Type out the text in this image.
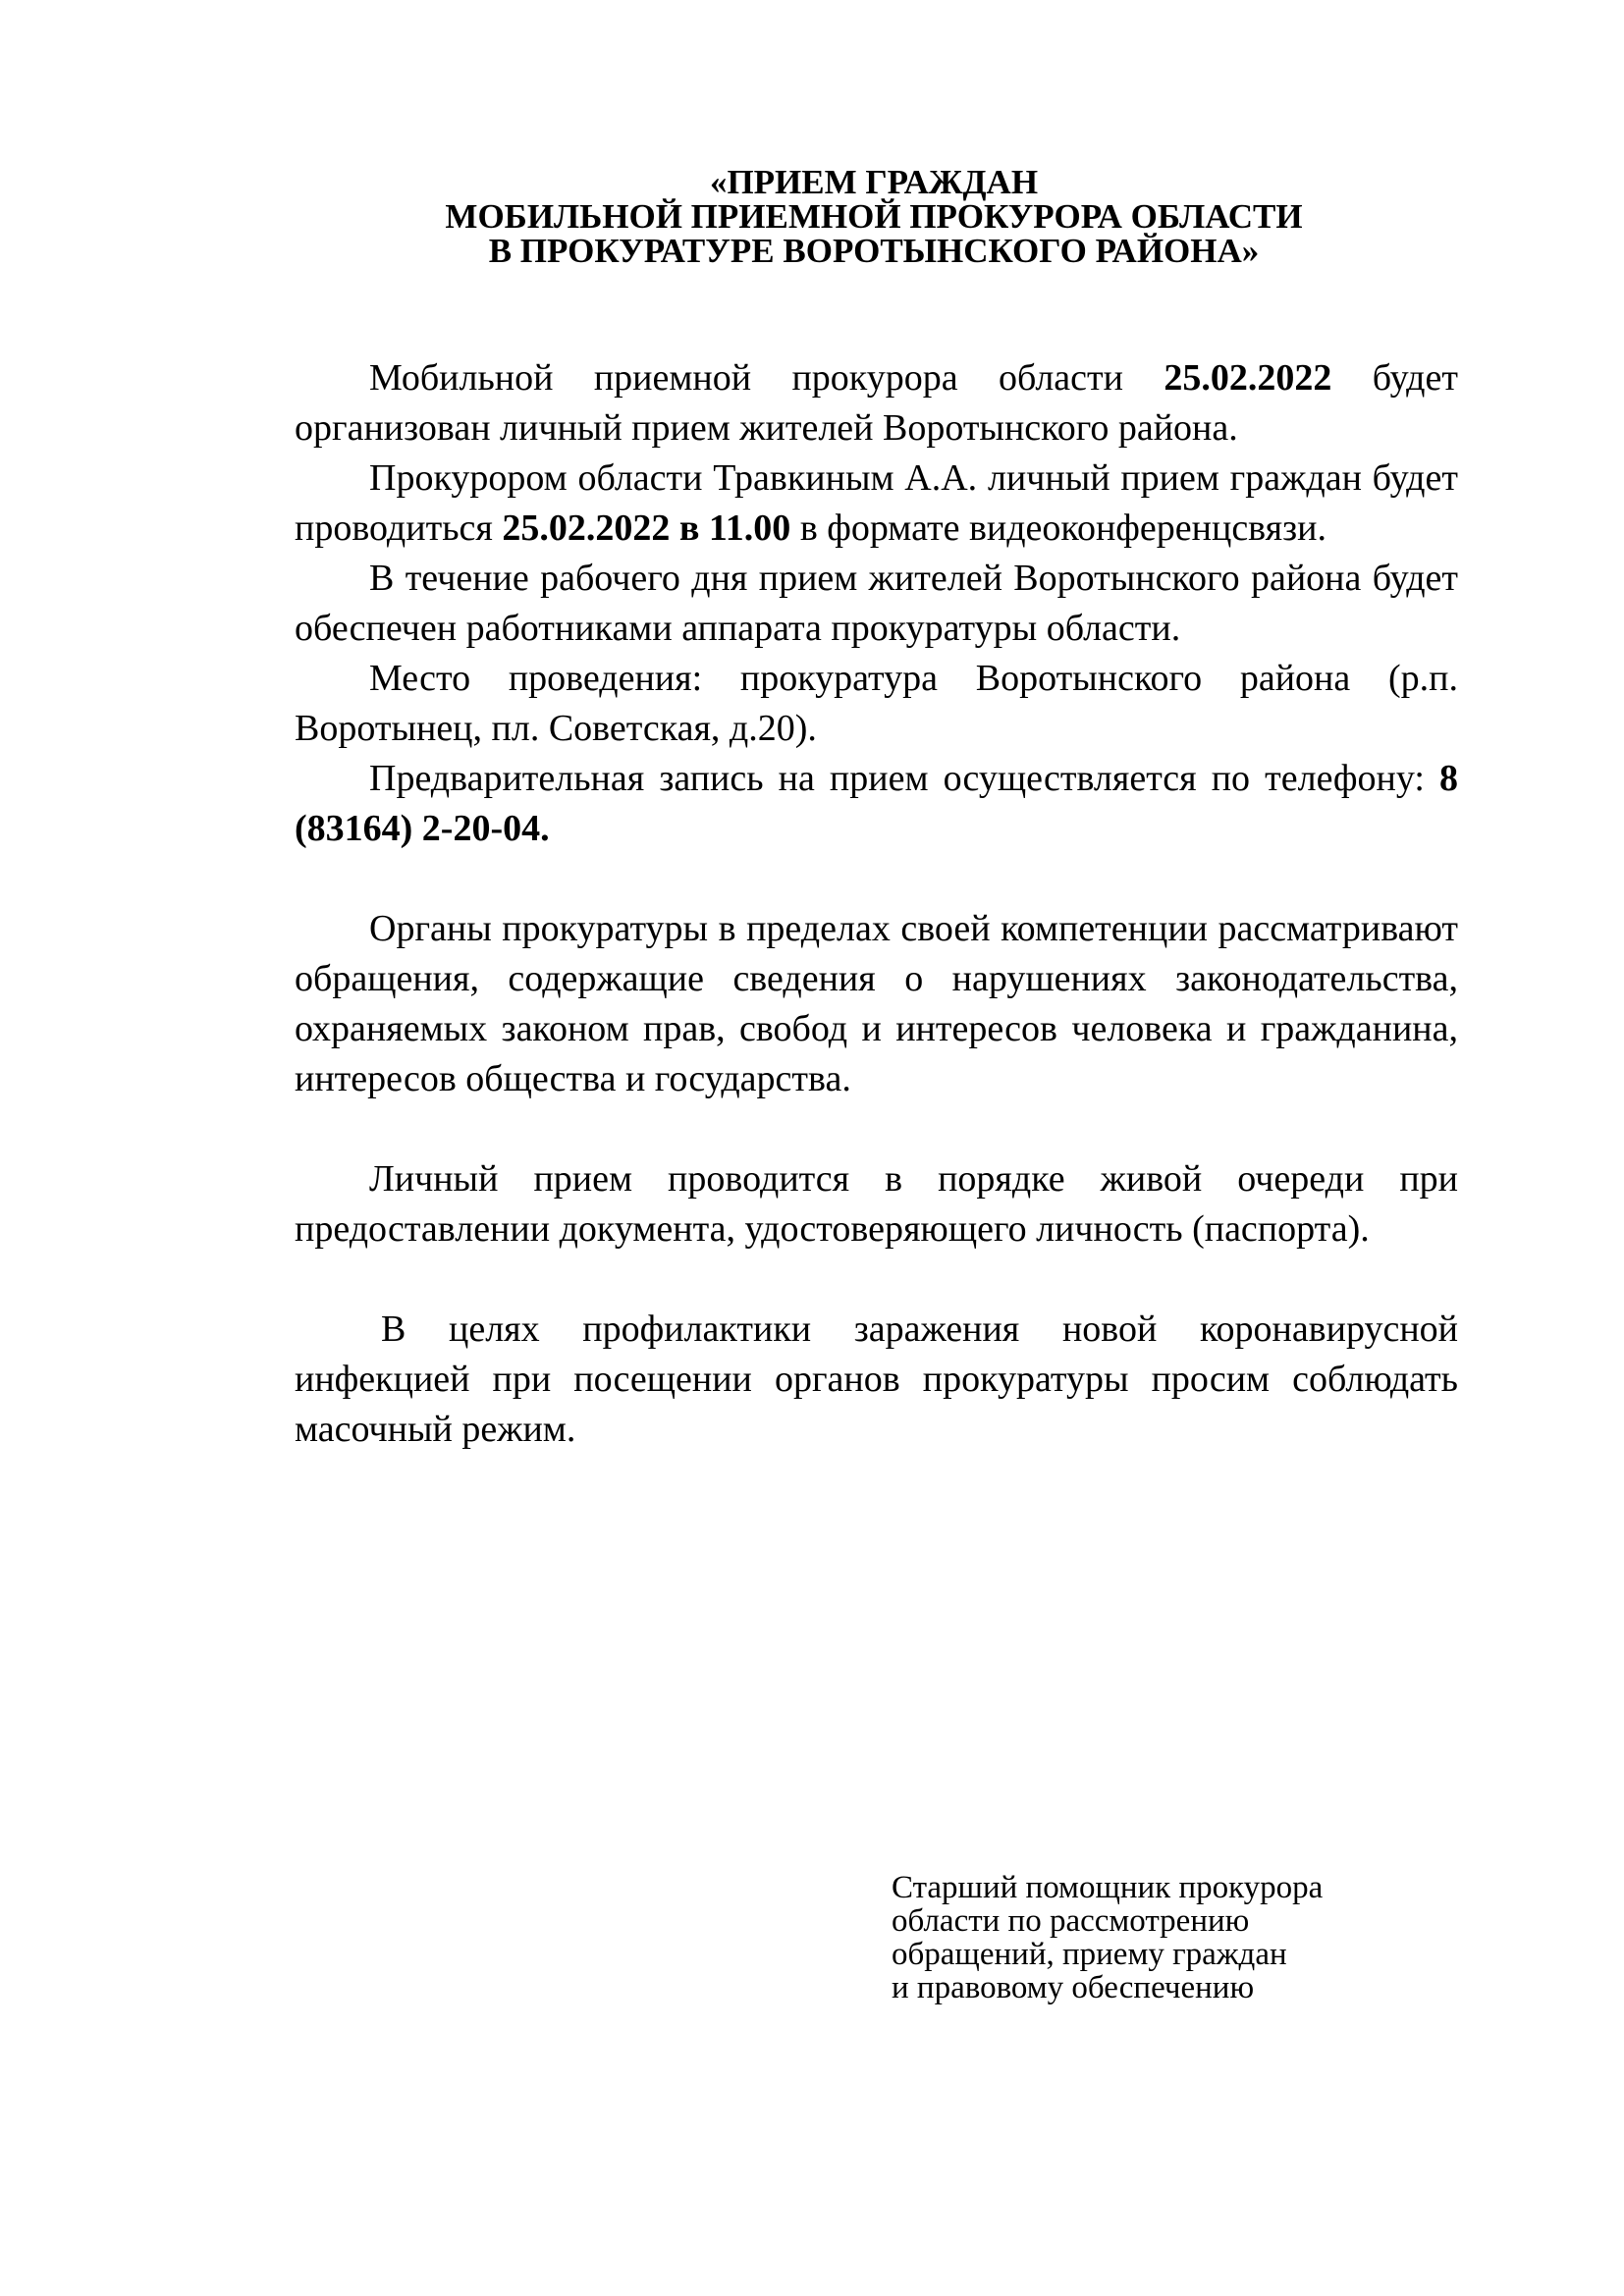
«ПРИЕМ ГРАЖДАН
МОБИЛЬНОЙ ПРИЕМНОЙ ПРОКУРОРА ОБЛАСТИ
В ПРОКУРАТУРЕ ВОРОТЫНСКОГО РАЙОНА»

Мобильной приемной прокурора области 25.02.2022 будет организован личный прием жителей Воротынского района.

Прокурором области Травкиным А.А. личный прием граждан будет проводиться 25.02.2022 в 11.00 в формате видеоконференцсвязи.

В течение рабочего дня прием жителей Воротынского района будет обеспечен работниками аппарата прокуратуры области.

Место проведения: прокуратура Воротынского района (р.п. Воротынец, пл. Советская, д.20).

Предварительная запись на прием осуществляется по телефону: 8 (83164) 2-20-04.

Органы прокуратуры в пределах своей компетенции рассматривают обращения, содержащие сведения о нарушениях законодательства, охраняемых законом прав, свобод и интересов человека и гражданина, интересов общества и государства.

Личный прием проводится в порядке живой очереди при предоставлении документа, удостоверяющего личность (паспорта).

В целях профилактики заражения новой коронавирусной инфекцией при посещении органов прокуратуры просим соблюдать масочный режим.

Старший помощник прокурора
области по рассмотрению
обращений, приему граждан
и правовому обеспечению
